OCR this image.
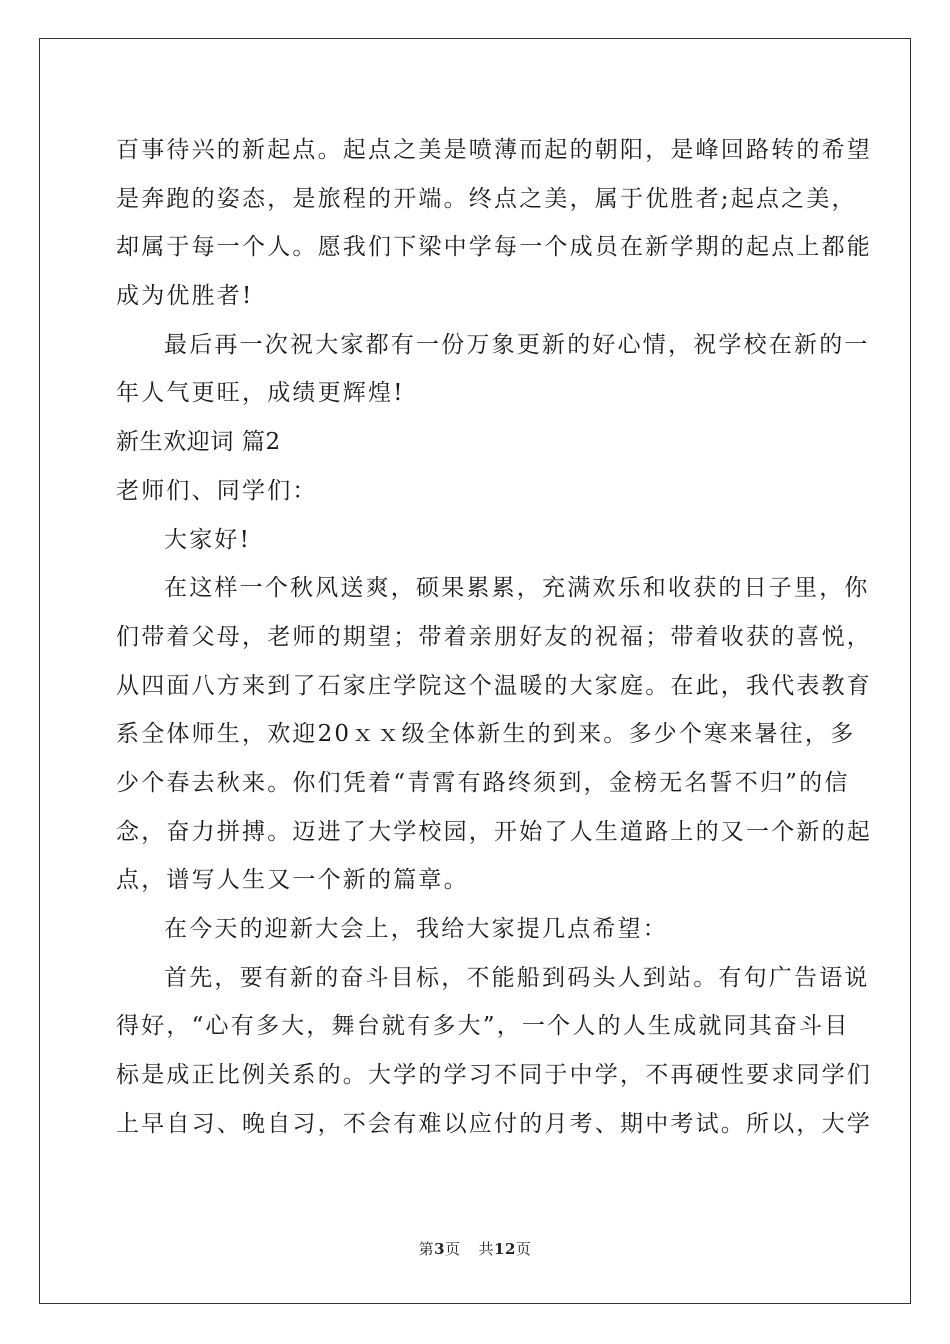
百事待兴的新起点。起点之美是喷薄而起的朝阳，是峰回路转的希望
是奔跑的姿态，是旅程的开端。终点之美，属于优胜者;起点之美，
却属于每一个人。愿我们下梁中学每一个成员在新学期的起点上都能
成为优胜者!
最后再一次祝大家都有一份万象更新的好心情，祝学校在新的一
年人气更旺，成绩更辉煌!
新生欢迎词 篇2
老师们、同学们：
大家好!
在这样一个秋风送爽，硕果累累，充满欢乐和收获的日子里，你
们带着父母，老师的期望；带着亲朋好友的祝福；带着收获的喜悦，
从四面八方来到了石家庄学院这个温暖的大家庭。在此，我代表教育
系全体师生，欢迎20ｘｘ级全体新生的到来。多少个寒来暑往，多
少个春去秋来。你们凭着“青霄有路终须到，金榜无名誓不归”的信
念，奋力拼搏。迈进了大学校园，开始了人生道路上的又一个新的起
点，谱写人生又一个新的篇章。
在今天的迎新大会上，我给大家提几点希望：
首先，要有新的奋斗目标，不能船到码头人到站。有句广告语说
得好，“心有多大，舞台就有多大”，一个人的人生成就同其奋斗目
标是成正比例关系的。大学的学习不同于中学，不再硬性要求同学们
上早自习、晚自习，不会有难以应付的月考、期中考试。所以，大学
第3页 共12页
